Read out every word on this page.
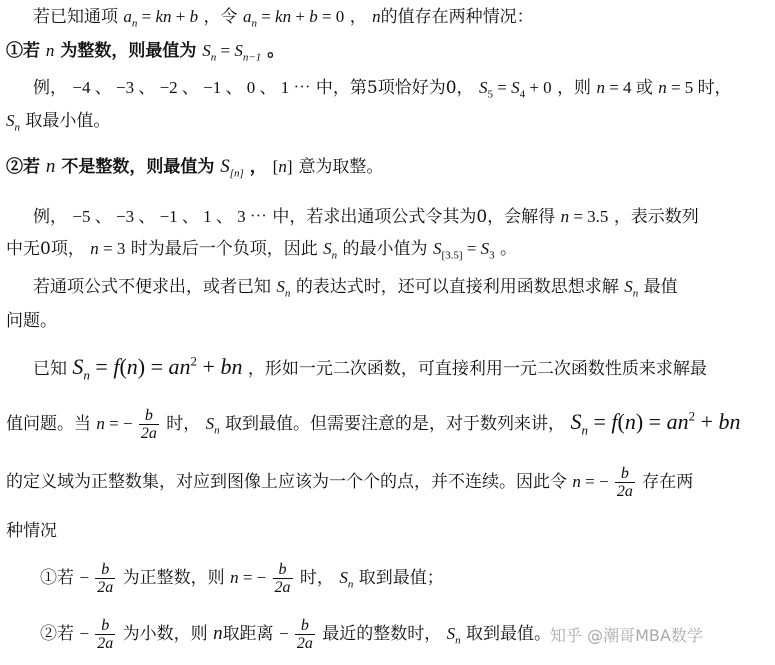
若已知通项 $a_n$ = kn + b ，令 $a_n$ = kn + b = 0 ， n的值存在两种情况：
①若 n 为整数，则最值为 $S_n = S_{n-1}$ 。
例， −4 、 −3 、 −2 、 −1 、 0 、 1 ⋯ 中，第5项恰好为0， $S_5 = S_4 + 0$ ，则 n = 4 或 n = 5 时，
$S_n$ 取最小值。
②若 n 不是整数，则最值为 $S_{[n]}$ ， [n] 意为取整。
例， −5 、 −3 、 −1 、 1 、 3 ⋯ 中，若求出通项公式令其为0，会解得 n = 3.5 ，表示数列
中无0项， n = 3 时为最后一个负项，因此 $S_n$ 的最小值为 $S_{[3.5]} = S_3$ 。
若通项公式不便求出，或者已知 $S_n$ 的表达式时，还可以直接利用函数思想求解 $S_n$ 最值
问题。
已知 $S_n = f(n) = an^2$ + bn ，形如一元二次函数，可直接利用一元二次函数性质来求解最
值问题。当 n = − $\frac{b}{2a}$ 时， $S_n$ 取到最值。但需要注意的是，对于数列来讲， $S_n = f(n) = an^2$ + bn
的定义域为正整数集，对应到图像上应该为一个个的点，并不连续。因此令 n = − $\frac{b}{2a}$ 存在两
种情况
①若 − $\frac{b}{2a}$ 为正整数，则 n = − $\frac{b}{2a}$ 时， $S_n$ 取到最值；
②若 − $\frac{b}{2a}$ 为小数，则 n取距离 − $\frac{b}{2a}$ 最近的整数时， $S_n$ 取到最值。
知乎 @潮哥MBA数学
